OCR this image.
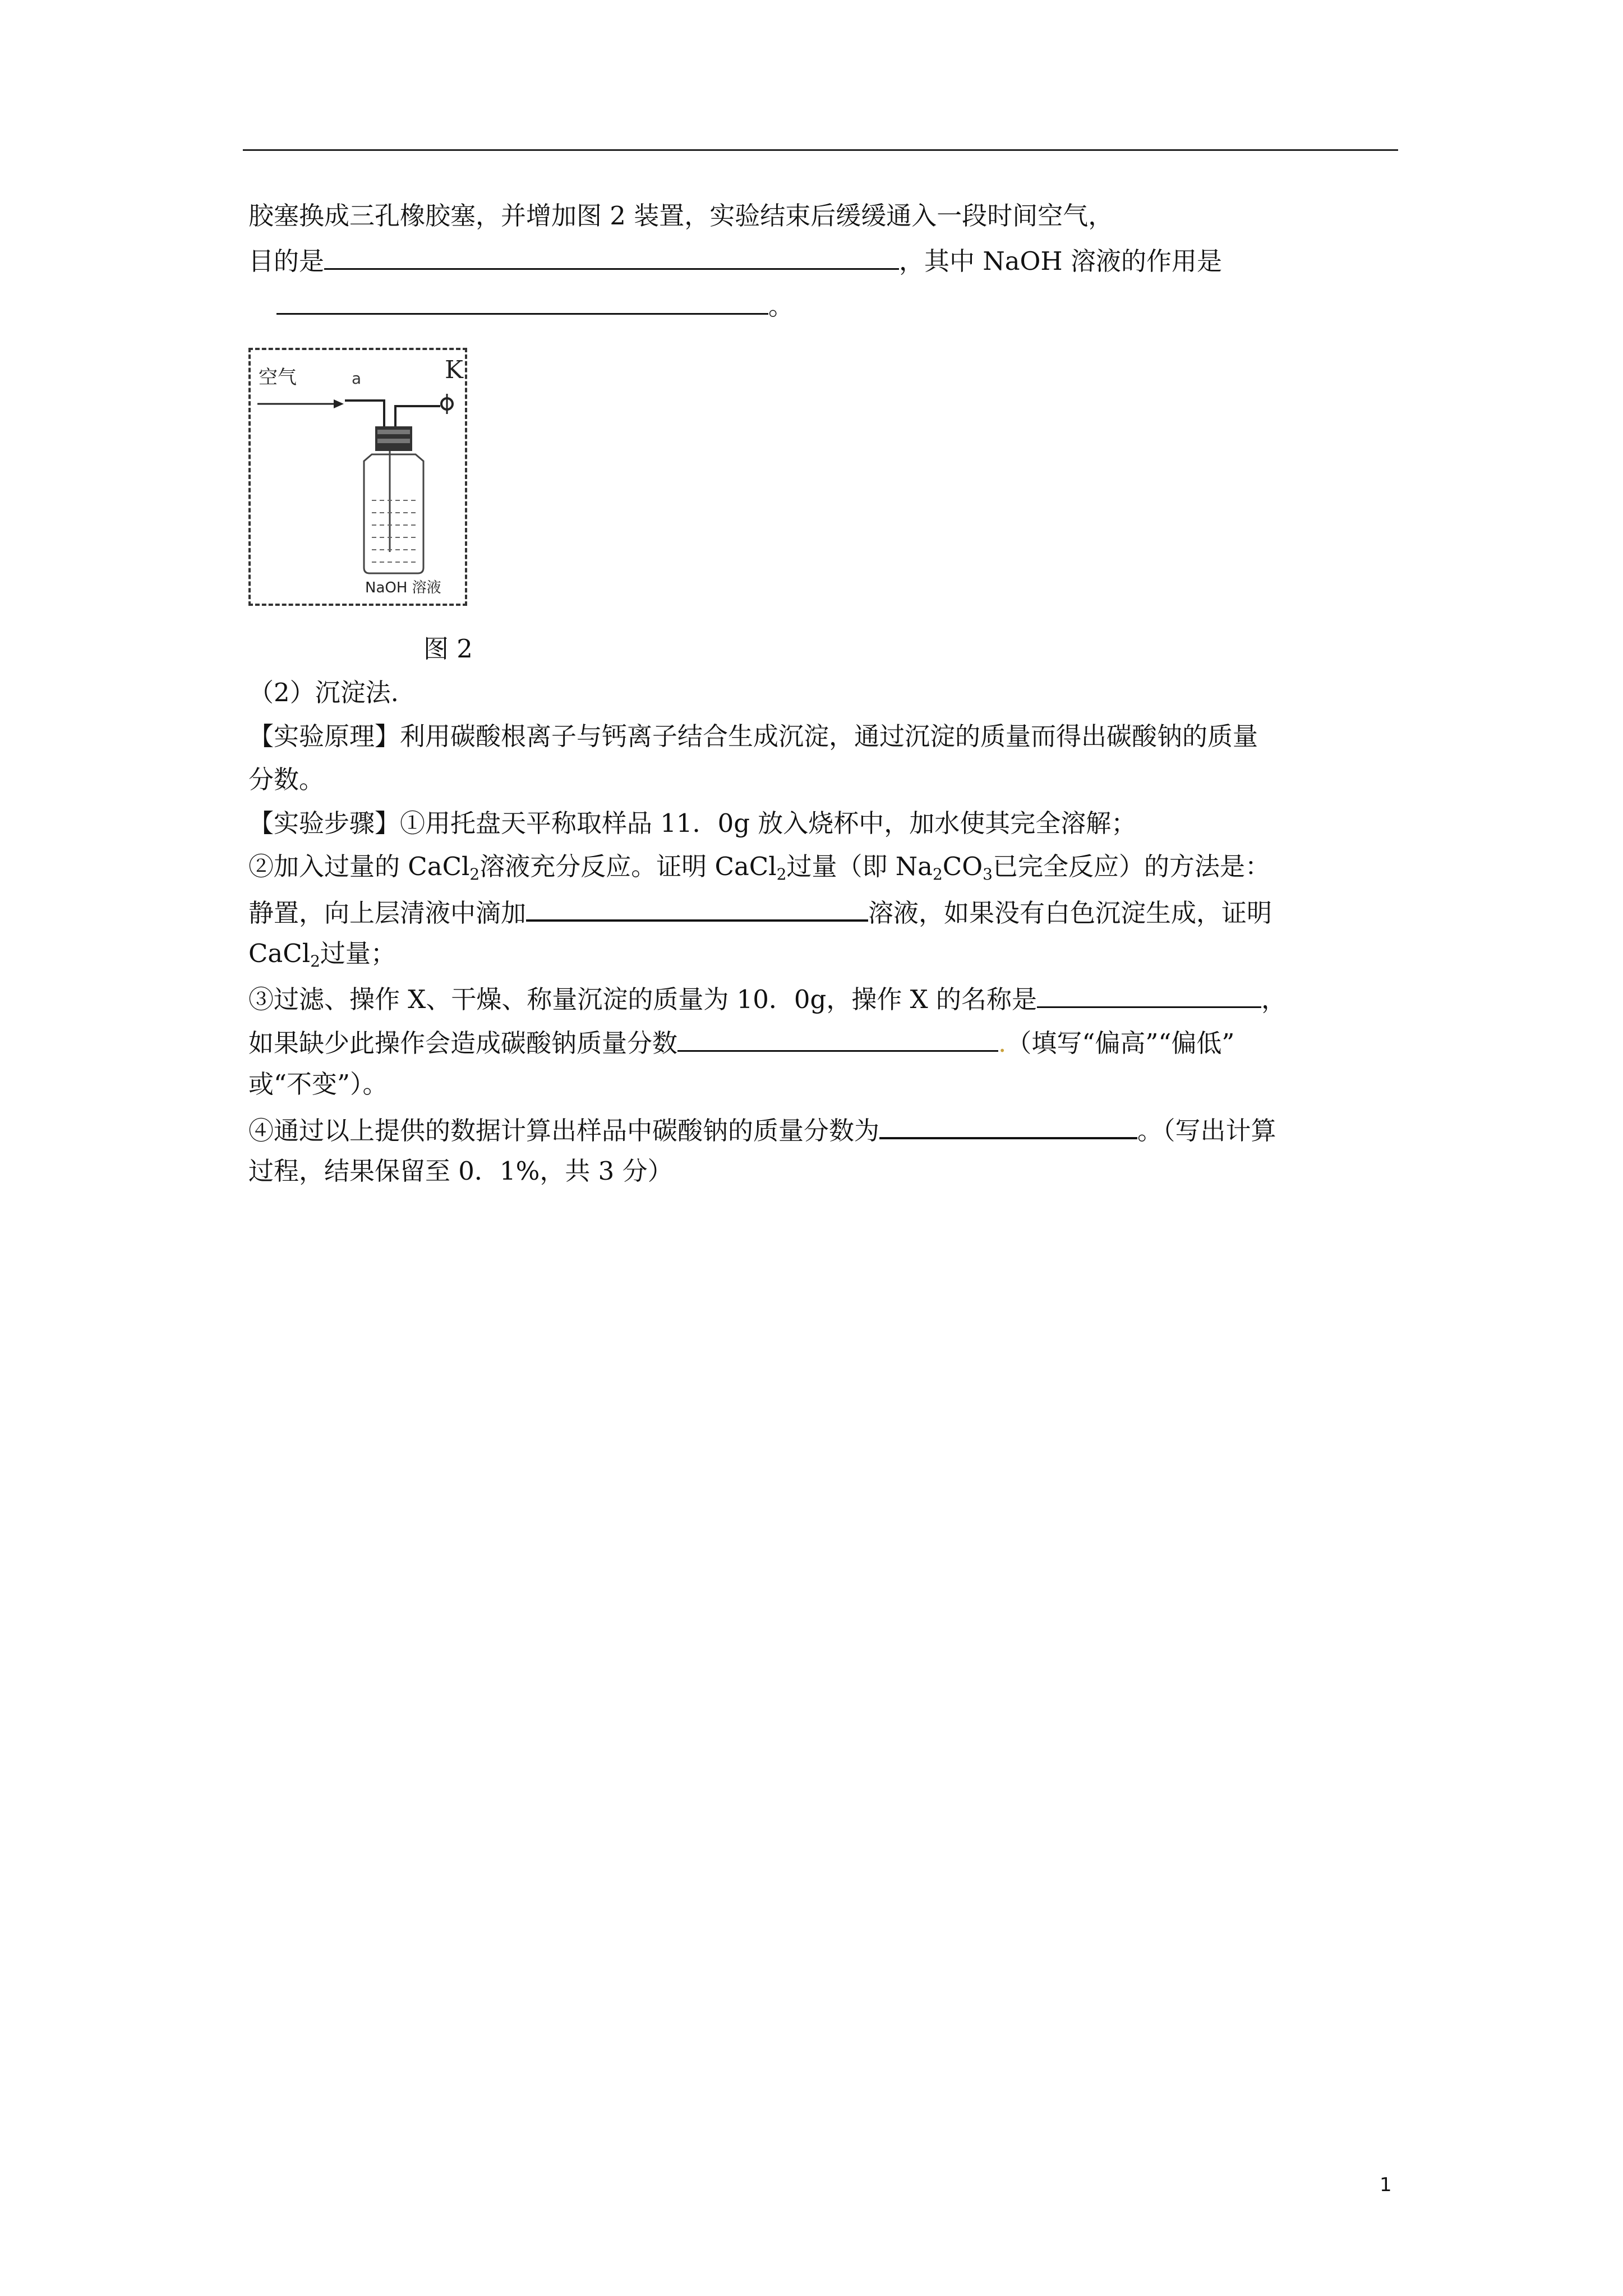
胶塞换成三孔橡胶塞，并增加图 2 装置，实验结束后缓缓通入一段时间空气，
目的是	，其中 NaOH 溶液的作用是
。
空气	a	K
NaOH 溶液
图 2
（2）沉淀法.
【实验原理】利用碳酸根离子与钙离子结合生成沉淀，通过沉淀的质量而得出碳酸钠的质量
分数。
【实验步骤】①用托盘天平称取样品 11．0g 放入烧杯中，加水使其完全溶解；
②加入过量的 CaCl$_2$溶液充分反应。证明 CaCl$_2$过量（即 $Na_2CO_3$已完全反应）的方法是：
静置，向上层清液中滴加	溶液，如果没有白色沉淀生成，证明
CaCl$_2$过量；
③过滤、操作 X、干燥、称量沉淀的质量为 10．0g，操作 X 的名称是	，
如果缺少此操作会造成碳酸钠质量分数	.（填写“偏高”“偏低”
或“不变”）。
④通过以上提供的数据计算出样品中碳酸钠的质量分数为	。（写出计算
过程，结果保留至 0．1%，共 3 分）
1
